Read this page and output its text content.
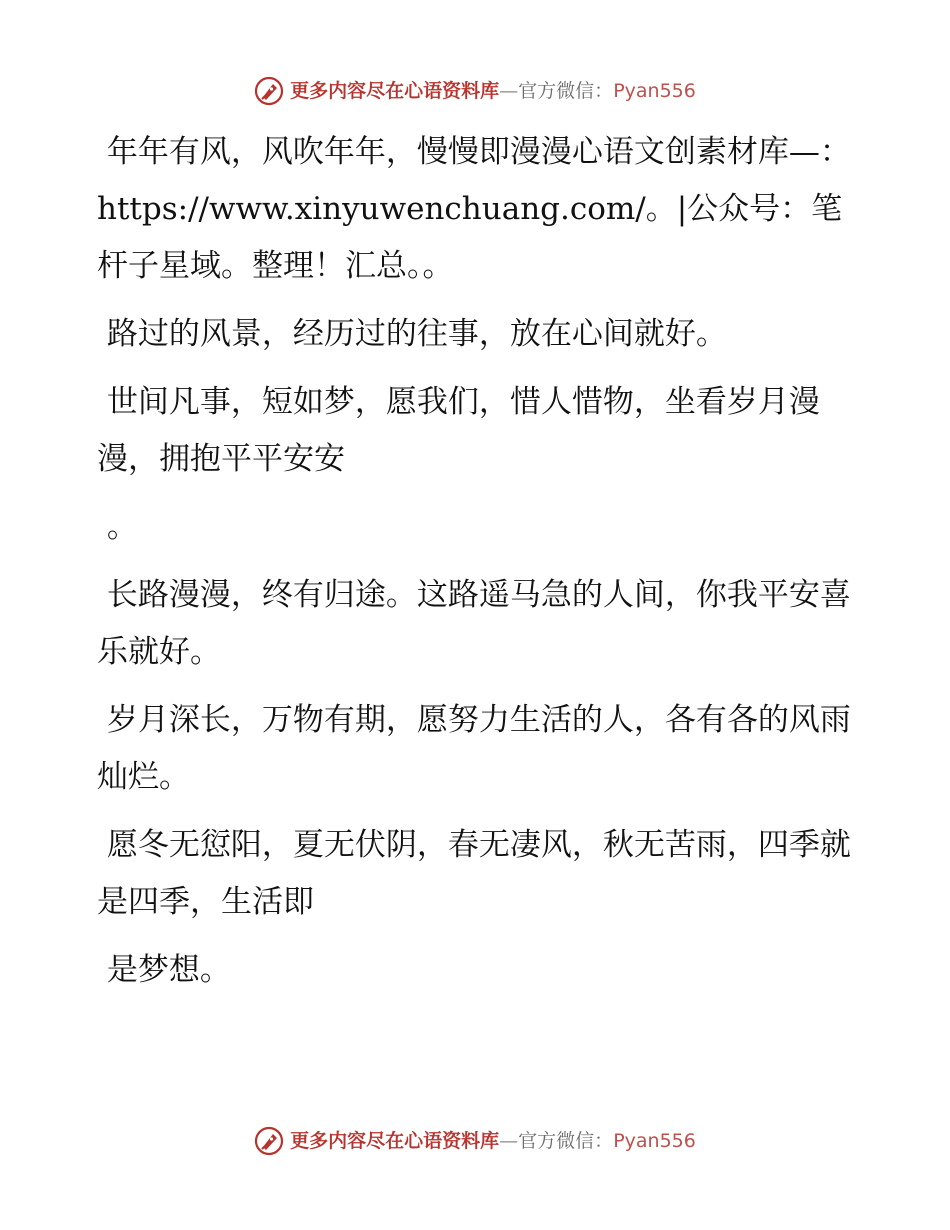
更多内容尽在心语资料库 — 官方微信： Pyan556

年年有风，风吹年年，慢慢即漫漫心语文创素材库—：https://www.xinyuwenchuang.com/。|公众号：笔杆子星域。整理！汇总。。

路过的风景，经历过的往事，放在心间就好。

世间凡事，短如梦，愿我们，惜人惜物，坐看岁月漫漫，拥抱平平安安

。

长路漫漫，终有归途。这路遥马急的人间，你我平安喜乐就好。

岁月深长，万物有期，愿努力生活的人，各有各的风雨灿烂。

愿冬无愆阳，夏无伏阴，春无凄风，秋无苦雨，四季就是四季，生活即

是梦想。

更多内容尽在心语资料库 — 官方微信： Pyan556
